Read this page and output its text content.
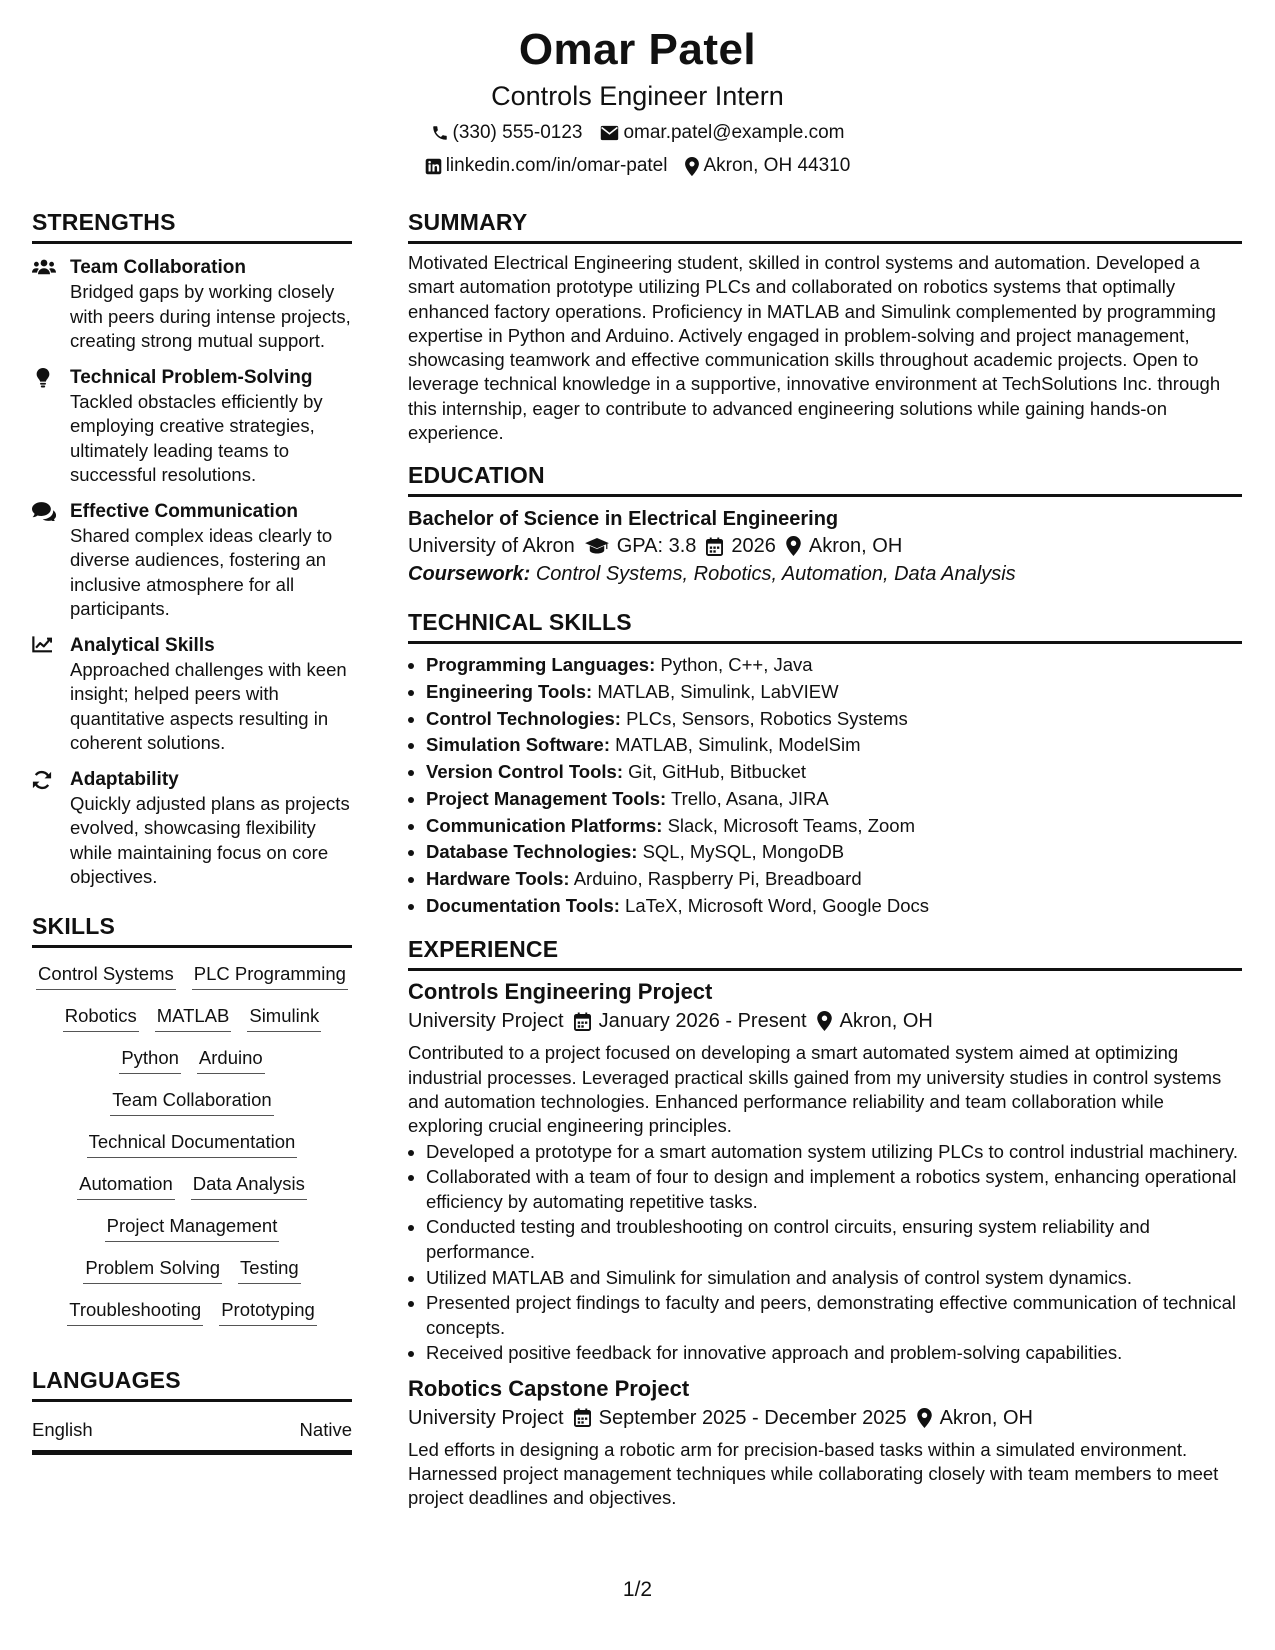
Omar Patel
Controls Engineer Intern
(330) 555-0123 omar.patel@example.com
linkedin.com/in/omar-patel Akron, OH 44310
STRENGTHS
Team Collaboration
Bridged gaps by working closely with peers during intense projects, creating strong mutual support.
Technical Problem-Solving
Tackled obstacles efficiently by employing creative strategies, ultimately leading teams to successful resolutions.
Effective Communication
Shared complex ideas clearly to diverse audiences, fostering an inclusive atmosphere for all participants.
Analytical Skills
Approached challenges with keen insight; helped peers with quantitative aspects resulting in coherent solutions.
Adaptability
Quickly adjusted plans as projects evolved, showcasing flexibility while maintaining focus on core objectives.
SKILLS
Control Systems PLC Programming
Robotics MATLAB Simulink
Python Arduino
Team Collaboration
Technical Documentation
Automation Data Analysis
Project Management
Problem Solving Testing
Troubleshooting Prototyping
LANGUAGES
English	Native
SUMMARY
Motivated Electrical Engineering student, skilled in control systems and automation. Developed a smart automation prototype utilizing PLCs and collaborated on robotics systems that optimally enhanced factory operations. Proficiency in MATLAB and Simulink complemented by programming expertise in Python and Arduino. Actively engaged in problem-solving and project management, showcasing teamwork and effective communication skills throughout academic projects. Open to leverage technical knowledge in a supportive, innovative environment at TechSolutions Inc. through this internship, eager to contribute to advanced engineering solutions while gaining hands-on experience.
EDUCATION
Bachelor of Science in Electrical Engineering
University of Akron GPA: 3.8 2026 Akron, OH
Coursework: Control Systems, Robotics, Automation, Data Analysis
TECHNICAL SKILLS
• Programming Languages: Python, C++, Java
• Engineering Tools: MATLAB, Simulink, LabVIEW
• Control Technologies: PLCs, Sensors, Robotics Systems
• Simulation Software: MATLAB, Simulink, ModelSim
• Version Control Tools: Git, GitHub, Bitbucket
• Project Management Tools: Trello, Asana, JIRA
• Communication Platforms: Slack, Microsoft Teams, Zoom
• Database Technologies: SQL, MySQL, MongoDB
• Hardware Tools: Arduino, Raspberry Pi, Breadboard
• Documentation Tools: LaTeX, Microsoft Word, Google Docs
EXPERIENCE
Controls Engineering Project
University Project January 2026 - Present Akron, OH
Contributed to a project focused on developing a smart automated system aimed at optimizing industrial processes. Leveraged practical skills gained from my university studies in control systems and automation technologies. Enhanced performance reliability and team collaboration while exploring crucial engineering principles.
• Developed a prototype for a smart automation system utilizing PLCs to control industrial machinery.
• Collaborated with a team of four to design and implement a robotics system, enhancing operational efficiency by automating repetitive tasks.
• Conducted testing and troubleshooting on control circuits, ensuring system reliability and performance.
• Utilized MATLAB and Simulink for simulation and analysis of control system dynamics.
• Presented project findings to faculty and peers, demonstrating effective communication of technical concepts.
• Received positive feedback for innovative approach and problem-solving capabilities.
Robotics Capstone Project
University Project September 2025 - December 2025 Akron, OH
Led efforts in designing a robotic arm for precision-based tasks within a simulated environment. Harnessed project management techniques while collaborating closely with team members to meet project deadlines and objectives.
1/2
